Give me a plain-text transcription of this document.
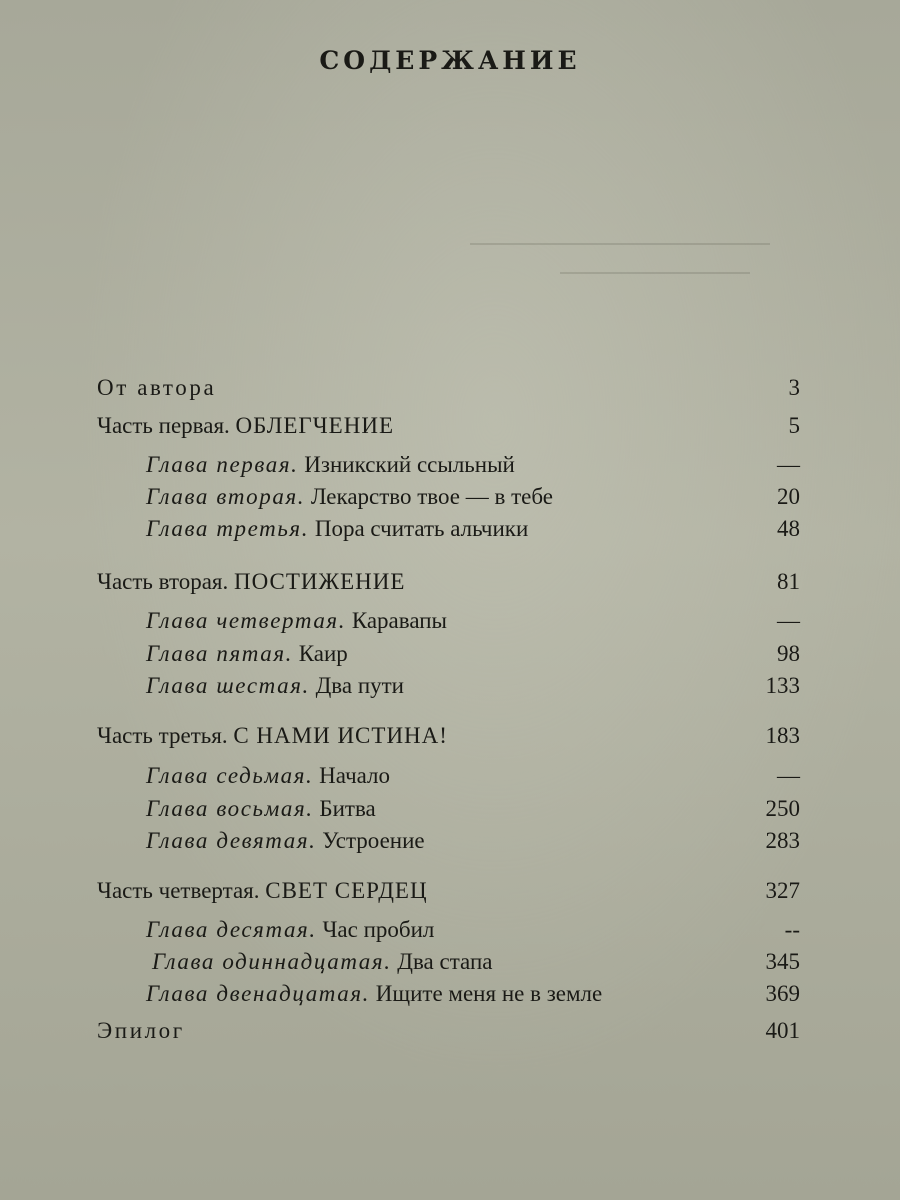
СОДЕРЖАНИЕ
От автора	3
Часть первая. ОБЛЕГЧЕНИЕ	5
Глава первая. Изникский ссыльный	—
Глава вторая. Лекарство твое — в тебе	20
Глава третья. Пора считать альчики	48
Часть вторая. ПОСТИЖЕНИЕ	81
Глава четвертая. Каравапы	—
Глава пятая. Каир	98
Глава шестая. Два пути	133
Часть третья. С НАМИ ИСТИНА!	183
Глава седьмая. Начало	—
Глава восьмая. Битва	250
Глава девятая. Устроение	283
Часть четвертая. СВЕТ СЕРДЕЦ	327
Глава десятая. Час пробил	--
Глава одиннадцатая. Два стапа	345
Глава двенадцатая. Ищите меня не в земле	369
Эпилог	401
